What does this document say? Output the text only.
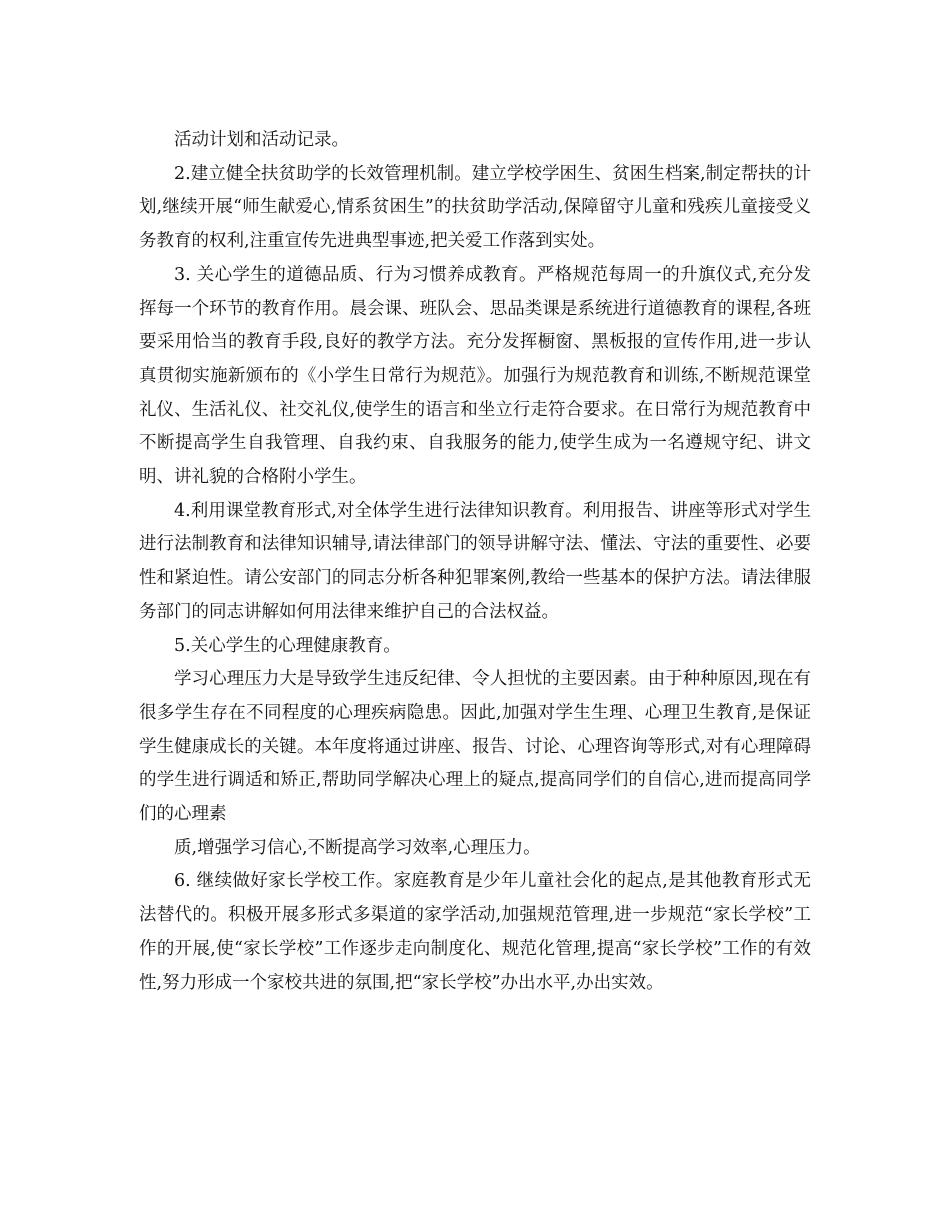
活动计划和活动记录。

2.建立健全扶贫助学的长效管理机制。建立学校学困生、贫困生档案,制定帮扶的计划,继续开展“师生献爱心,情系贫困生”的扶贫助学活动,保障留守儿童和残疾儿童接受义务教育的权利,注重宣传先进典型事迹,把关爱工作落到实处。

3. 关心学生的道德品质、行为习惯养成教育。严格规范每周一的升旗仪式,充分发挥每一个环节的教育作用。晨会课、班队会、思品类课是系统进行道德教育的课程,各班要采用恰当的教育手段,良好的教学方法。充分发挥橱窗、黑板报的宣传作用,进一步认真贯彻实施新颁布的《小学生日常行为规范》。加强行为规范教育和训练,不断规范课堂礼仪、生活礼仪、社交礼仪,使学生的语言和坐立行走符合要求。在日常行为规范教育中不断提高学生自我管理、自我约束、自我服务的能力,使学生成为一名遵规守纪、讲文明、讲礼貌的合格附小学生。

4.利用课堂教育形式,对全体学生进行法律知识教育。利用报告、讲座等形式对学生进行法制教育和法律知识辅导,请法律部门的领导讲解守法、懂法、守法的重要性、必要性和紧迫性。请公安部门的同志分析各种犯罪案例,教给一些基本的保护方法。请法律服务部门的同志讲解如何用法律来维护自己的合法权益。

5.关心学生的心理健康教育。

学习心理压力大是导致学生违反纪律、令人担忧的主要因素。由于种种原因,现在有很多学生存在不同程度的心理疾病隐患。因此,加强对学生生理、心理卫生教育,是保证学生健康成长的关键。本年度将通过讲座、报告、讨论、心理咨询等形式,对有心理障碍的学生进行调适和矫正,帮助同学解决心理上的疑点,提高同学们的自信心,进而提高同学们的心理素

质,增强学习信心,不断提高学习效率,心理压力。

6. 继续做好家长学校工作。家庭教育是少年儿童社会化的起点,是其他教育形式无法替代的。积极开展多形式多渠道的家学活动,加强规范管理,进一步规范“家长学校”工作的开展,使“家长学校”工作逐步走向制度化、规范化管理,提高“家长学校”工作的有效性,努力形成一个家校共进的氛围,把“家长学校”办出水平,办出实效。
